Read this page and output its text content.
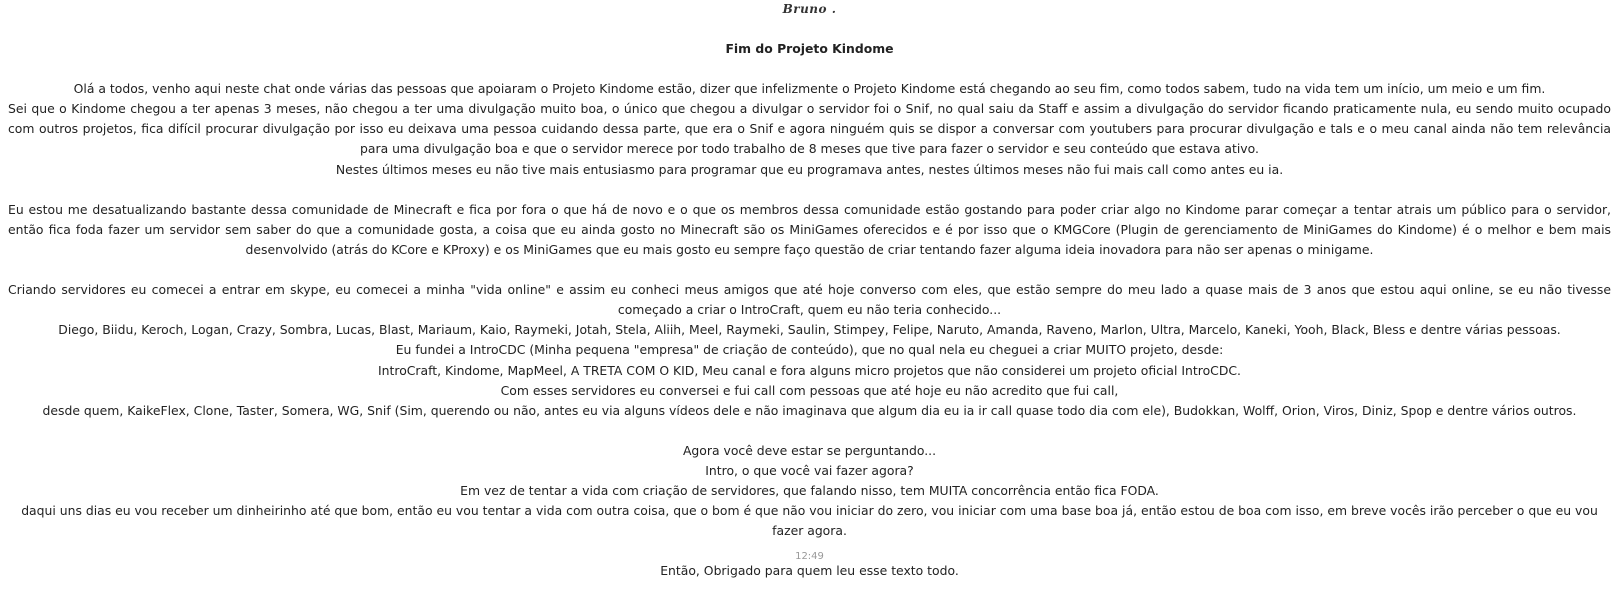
Bruno .

Fim do Projeto Kindome

Olá a todos, venho aqui neste chat onde várias das pessoas que apoiaram o Projeto Kindome estão, dizer que infelizmente o Projeto Kindome está chegando ao seu fim, como todos sabem, tudo na vida tem um início, um meio e um fim.

Sei que o Kindome chegou a ter apenas 3 meses, não chegou a ter uma divulgação muito boa, o único que chegou a divulgar o servidor foi o Snif, no qual saiu da Staff e assim a divulgação do servidor ficando praticamente nula, eu sendo muito ocupado com outros projetos, fica difícil procurar divulgação por isso eu deixava uma pessoa cuidando dessa parte, que era o Snif e agora ninguém quis se dispor a conversar com youtubers para procurar divulgação e tals e o meu canal ainda não tem relevância para uma divulgação boa e que o servidor merece por todo trabalho de 8 meses que tive para fazer o servidor e seu conteúdo que estava ativo.

Nestes últimos meses eu não tive mais entusiasmo para programar que eu programava antes, nestes últimos meses não fui mais call como antes eu ia.

Eu estou me desatualizando bastante dessa comunidade de Minecraft e fica por fora o que há de novo e o que os membros dessa comunidade estão gostando para poder criar algo no Kindome parar começar a tentar atrais um público para o servidor, então fica foda fazer um servidor sem saber do que a comunidade gosta, a coisa que eu ainda gosto no Minecraft são os MiniGames oferecidos e é por isso que o KMGCore (Plugin de gerenciamento de MiniGames do Kindome) é o melhor e bem mais desenvolvido (atrás do KCore e KProxy) e os MiniGames que eu mais gosto eu sempre faço questão de criar tentando fazer alguma ideia inovadora para não ser apenas o minigame.

Criando servidores eu comecei a entrar em skype, eu comecei a minha "vida online" e assim eu conheci meus amigos que até hoje converso com eles, que estão sempre do meu lado a quase mais de 3 anos que estou aqui online, se eu não tivesse começado a criar o IntroCraft, quem eu não teria conhecido...

Diego, Biidu, Keroch, Logan, Crazy, Sombra, Lucas, Blast, Mariaum, Kaio, Raymeki, Jotah, Stela, Aliih, Meel, Raymeki, Saulin, Stimpey, Felipe, Naruto, Amanda, Raveno, Marlon, Ultra, Marcelo, Kaneki, Yooh, Black, Bless e dentre várias pessoas.

Eu fundei a IntroCDC (Minha pequena "empresa" de criação de conteúdo), que no qual nela eu cheguei a criar MUITO projeto, desde:

IntroCraft, Kindome, MapMeel, A TRETA COM O KID, Meu canal e fora alguns micro projetos que não considerei um projeto oficial IntroCDC.

Com esses servidores eu conversei e fui call com pessoas que até hoje eu não acredito que fui call,

desde quem, KaikeFlex, Clone, Taster, Somera, WG, Snif (Sim, querendo ou não, antes eu via alguns vídeos dele e não imaginava que algum dia eu ia ir call quase todo dia com ele), Budokkan, Wolff, Orion, Viros, Diniz, Spop e dentre vários outros.

Agora você deve estar se perguntando...

Intro, o que você vai fazer agora?

Em vez de tentar a vida com criação de servidores, que falando nisso, tem MUITA concorrência então fica FODA.

daqui uns dias eu vou receber um dinheirinho até que bom, então eu vou tentar a vida com outra coisa, que o bom é que não vou iniciar do zero, vou iniciar com uma base boa já, então estou de boa com isso, em breve vocês irão perceber o que eu vou fazer agora.

Então, Obrigado para quem leu esse texto todo.

12:49
